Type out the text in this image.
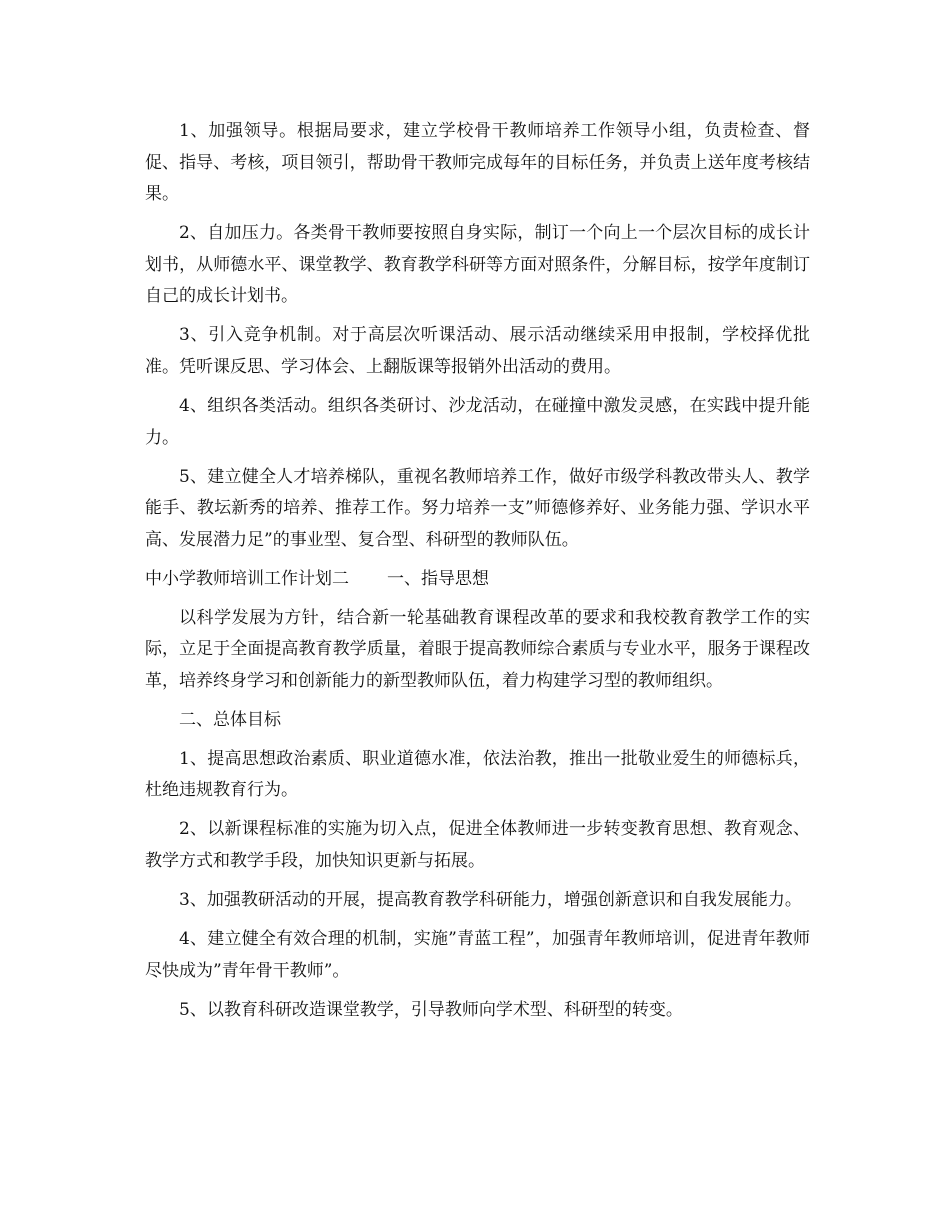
1、加强领导。根据局要求，建立学校骨干教师培养工作领导小组，负责检查、督促、指导、考核，项目领引，帮助骨干教师完成每年的目标任务，并负责上送年度考核结果。

2、自加压力。各类骨干教师要按照自身实际，制订一个向上一个层次目标的成长计划书，从师德水平、课堂教学、教育教学科研等方面对照条件，分解目标，按学年度制订自己的成长计划书。

3、引入竞争机制。对于高层次听课活动、展示活动继续采用申报制，学校择优批准。凭听课反思、学习体会、上翻版课等报销外出活动的费用。

4、组织各类活动。组织各类研讨、沙龙活动，在碰撞中激发灵感，在实践中提升能力。

5、建立健全人才培养梯队，重视名教师培养工作，做好市级学科教改带头人、教学能手、教坛新秀的培养、推荐工作。努力培养一支”师德修养好、业务能力强、学识水平高、发展潜力足”的事业型、复合型、科研型的教师队伍。

中小学教师培训工作计划二 一、指导思想

以科学发展为方针，结合新一轮基础教育课程改革的要求和我校教育教学工作的实际，立足于全面提高教育教学质量，着眼于提高教师综合素质与专业水平，服务于课程改革，培养终身学习和创新能力的新型教师队伍，着力构建学习型的教师组织。

二、总体目标

1、提高思想政治素质、职业道德水准，依法治教，推出一批敬业爱生的师德标兵，杜绝违规教育行为。

2、以新课程标准的实施为切入点，促进全体教师进一步转变教育思想、教育观念、教学方式和教学手段，加快知识更新与拓展。

3、加强教研活动的开展，提高教育教学科研能力，增强创新意识和自我发展能力。

4、建立健全有效合理的机制，实施”青蓝工程”，加强青年教师培训，促进青年教师尽快成为”青年骨干教师”。

5、以教育科研改造课堂教学，引导教师向学术型、科研型的转变。
